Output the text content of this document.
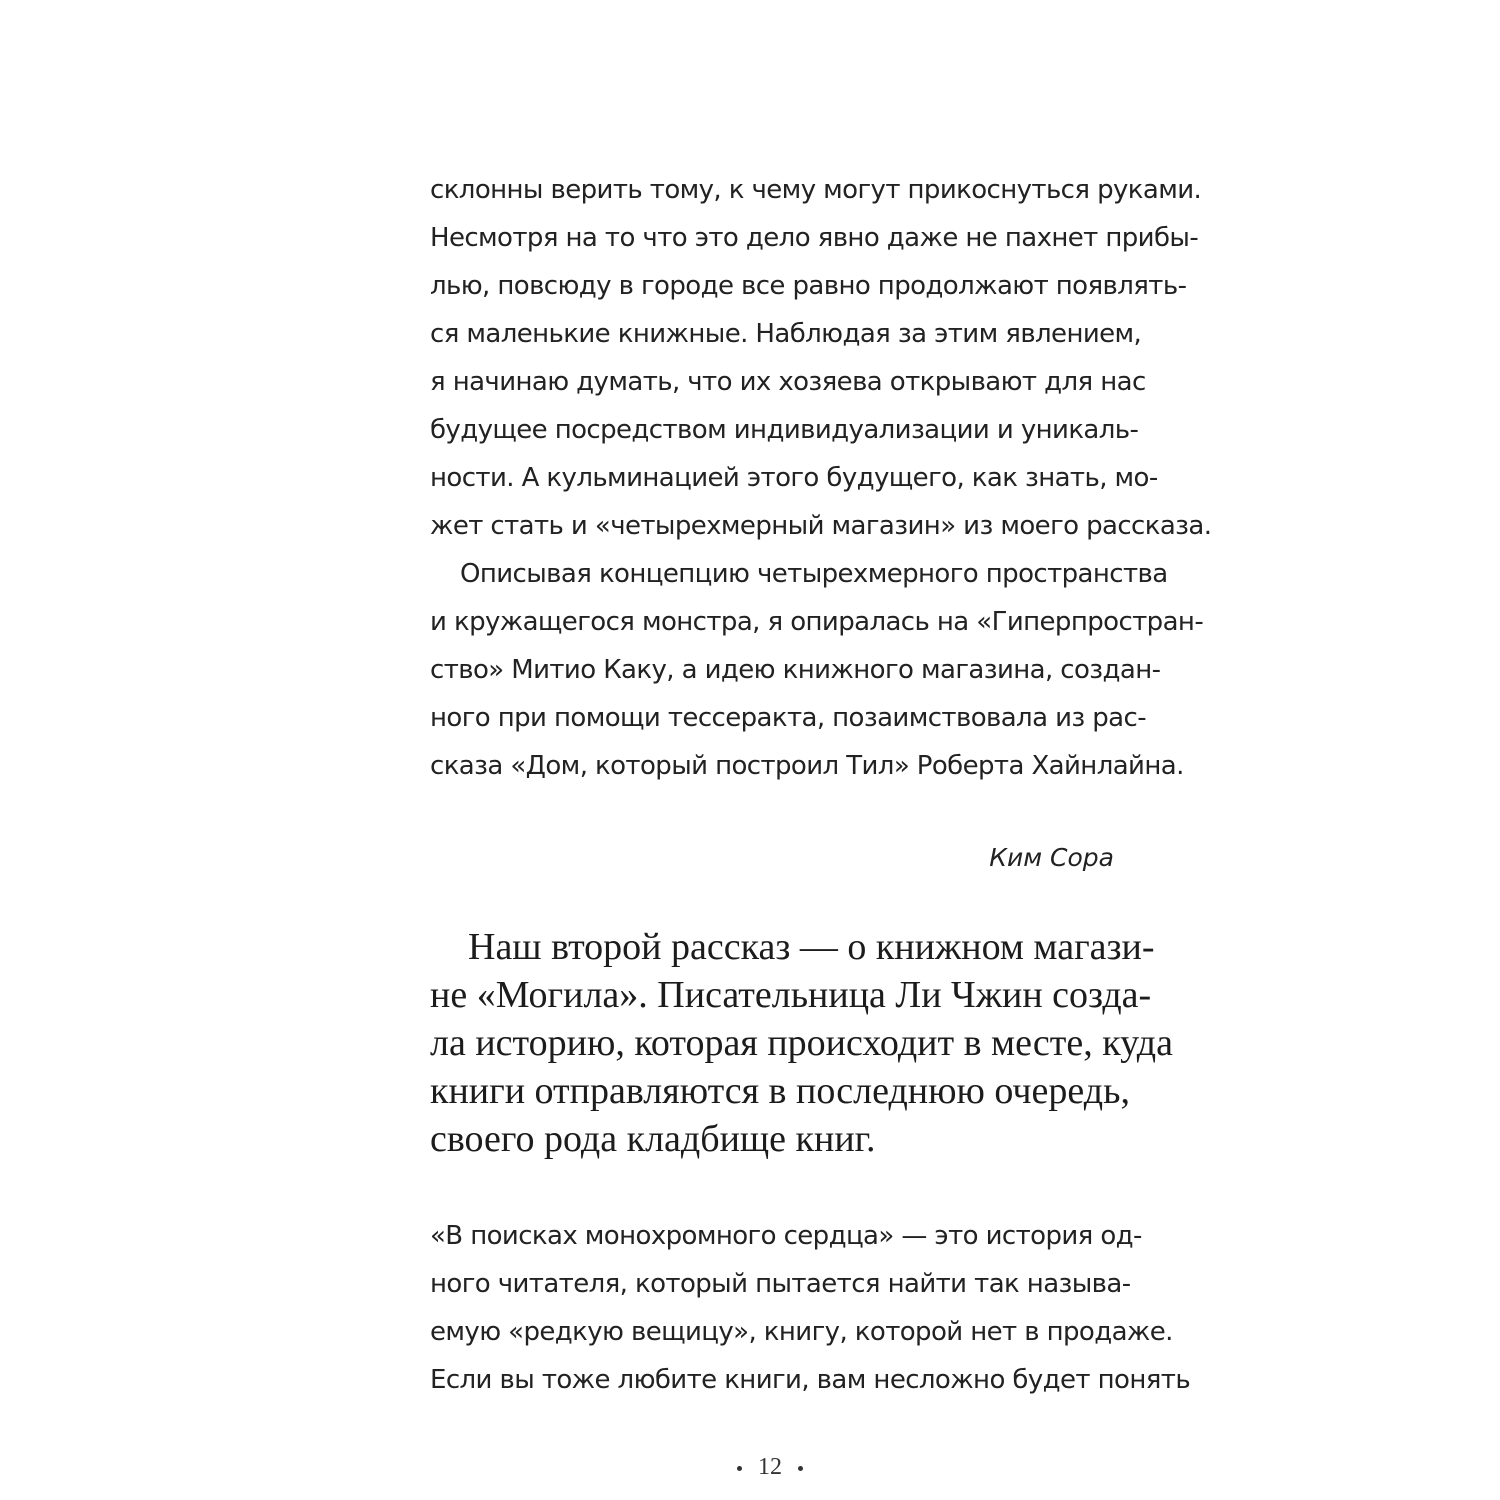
склонны верить тому, к чему могут прикоснуться руками.
Несмотря на то что это дело явно даже не пахнет прибы-
лью, повсюду в городе все равно продолжают появлять-
ся маленькие книжные. Наблюдая за этим явлением,
я начинаю думать, что их хозяева открывают для нас
будущее посредством индивидуализации и уникаль-
ности. А кульминацией этого будущего, как знать, мо-
жет стать и «четырехмерный магазин» из моего рассказа.
Описывая концепцию четырехмерного пространства
и кружащегося монстра, я опиралась на «Гиперпростран-
ство» Митио Каку, а идею книжного магазина, создан-
ного при помощи тессеракта, позаимствовала из рас-
сказа «Дом, который построил Тил» Роберта Хайнлайна.
Ким Сора
Наш второй рассказ — о книжном магази-
не «Могила». Писательница Ли Чжин созда-
ла историю, которая происходит в месте, куда
книги отправляются в последнюю очередь,
своего рода кладбище книг.
«В поисках монохромного сердца» — это история од-
ного читателя, который пытается найти так называ-
емую «редкую вещицу», книгу, которой нет в продаже.
Если вы тоже любите книги, вам несложно будет понять
12
